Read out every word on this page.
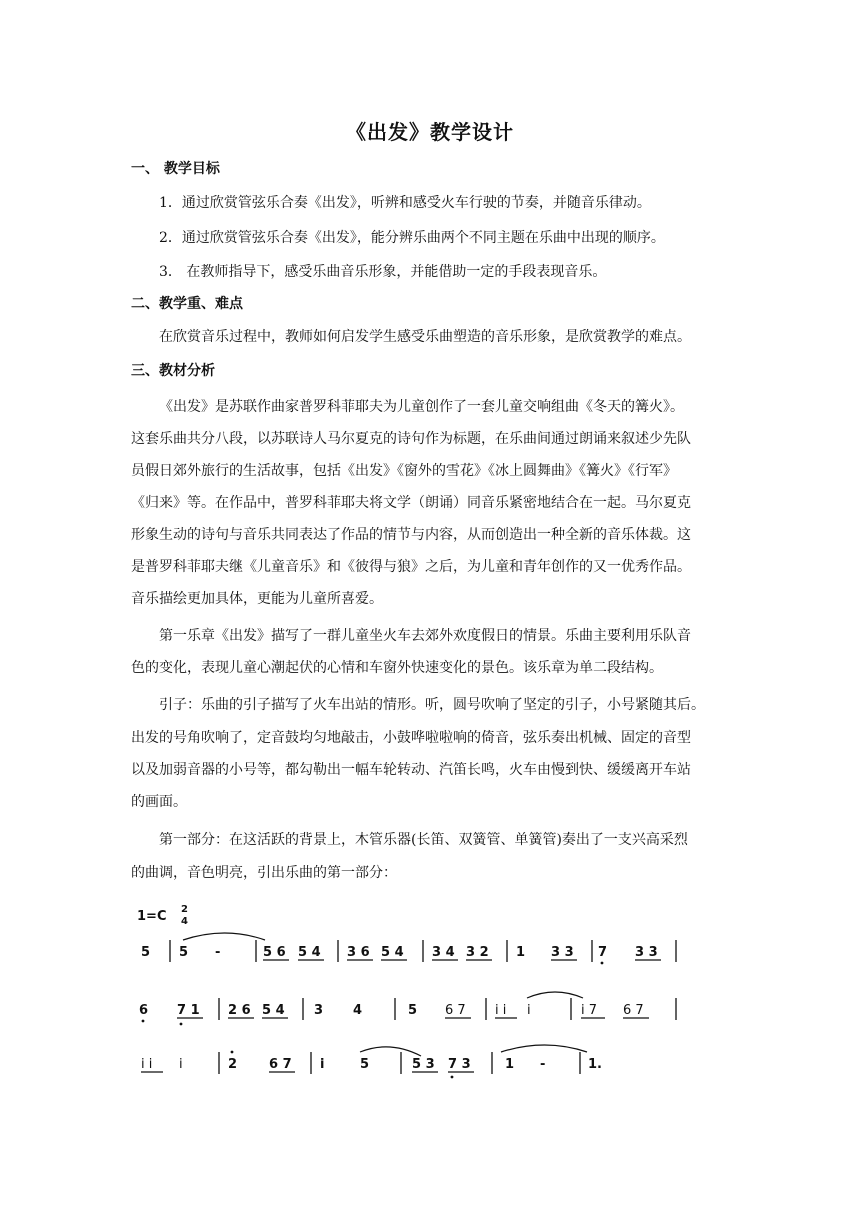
《出发》教学设计

一、 教学目标

1．通过欣赏管弦乐合奏《出发》，听辨和感受火车行驶的节奏，并随音乐律动。

2．通过欣赏管弦乐合奏《出发》，能分辨乐曲两个不同主题在乐曲中出现的顺序。

3． 在教师指导下，感受乐曲音乐形象，并能借助一定的手段表现音乐。

二、教学重、难点

在欣赏音乐过程中，教师如何启发学生感受乐曲塑造的音乐形象，是欣赏教学的难点。

三、教材分析

《出发》是苏联作曲家普罗科菲耶夫为儿童创作了一套儿童交响组曲《冬天的篝火》。

这套乐曲共分八段，以苏联诗人马尔夏克的诗句作为标题，在乐曲间通过朗诵来叙述少先队

员假日郊外旅行的生活故事，包括《出发》《窗外的雪花》《冰上圆舞曲》《篝火》《行军》

《归来》等。在作品中，普罗科菲耶夫将文学（朗诵）同音乐紧密地结合在一起。马尔夏克

形象生动的诗句与音乐共同表达了作品的情节与内容，从而创造出一种全新的音乐体裁。这

是普罗科菲耶夫继《儿童音乐》和《彼得与狼》之后，为儿童和青年创作的又一优秀作品。

音乐描绘更加具体，更能为儿童所喜爱。

第一乐章《出发》描写了一群儿童坐火车去郊外欢度假日的情景。乐曲主要利用乐队音

色的变化，表现儿童心潮起伏的心情和车窗外快速变化的景色。该乐章为单二段结构。

引子：乐曲的引子描写了火车出站的情形。听，圆号吹响了坚定的引子，小号紧随其后。

出发的号角吹响了，定音鼓均匀地敲击，小鼓哗啦啦响的倚音，弦乐奏出机械、固定的音型

以及加弱音器的小号等，都勾勒出一幅车轮转动、汽笛长鸣，火车由慢到快、缓缓离开车站

的画面。

第一部分：在这活跃的背景上，木管乐器(长笛、双簧管、单簧管)奏出了一支兴高采烈

的曲调，音色明亮，引出乐曲的第一部分：

1=C 2
4
5 5 -	5 6 5 4 3 6 5 4 3 4 3 2 1 3 3 7 3 3
6 7 1 2 6 5 4 3 4	5 6 7 i i i	i 7 6 7
i i i	2 6 7 i	5	5 3 7 3	1 -	1.
